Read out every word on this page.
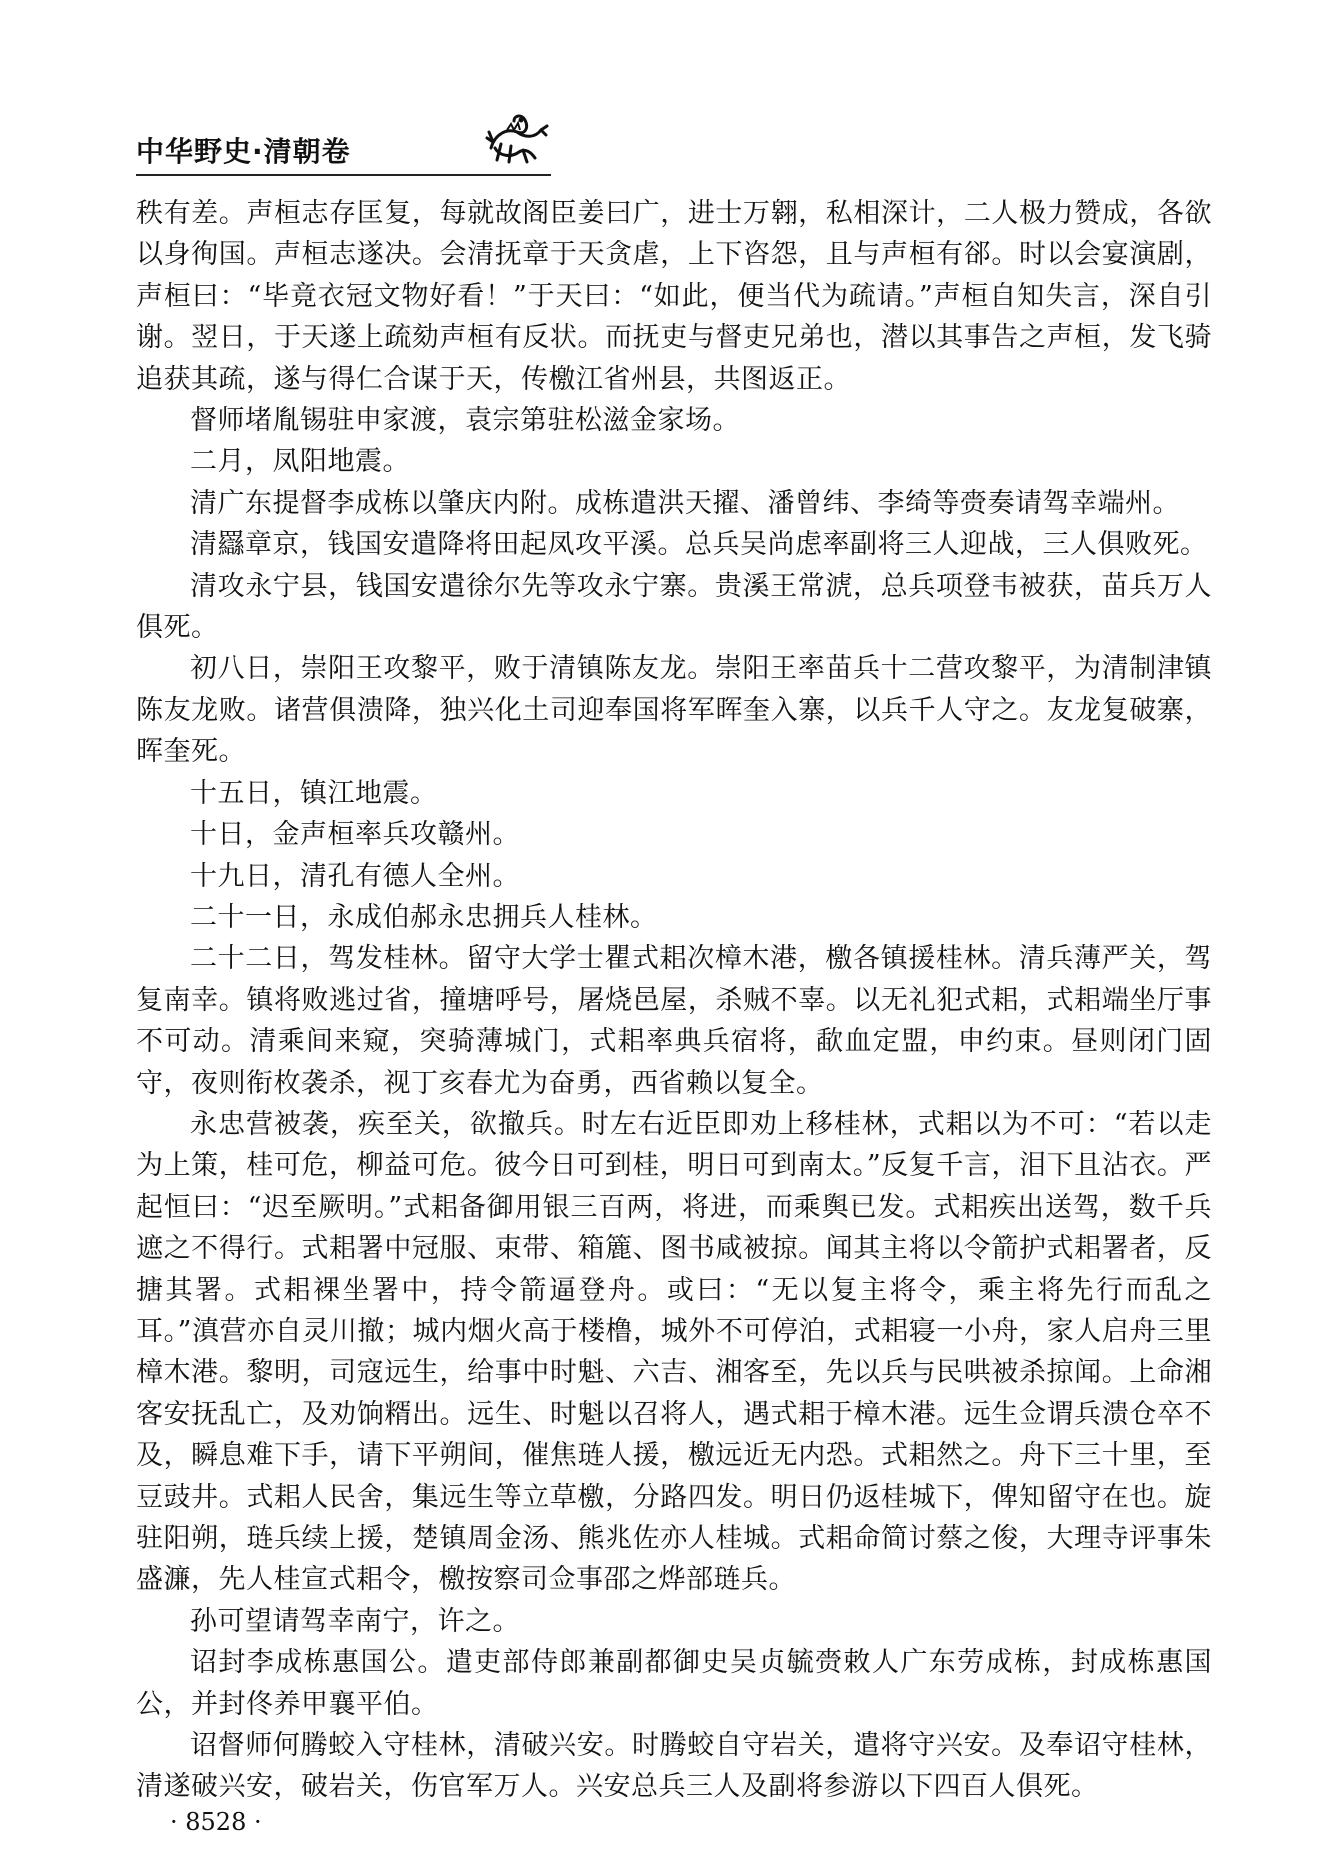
中华野史·清朝卷

秩有差。声桓志存匡复，每就故阁臣姜曰广，进士万翱，私相深计，二人极力赞成，各欲以身徇国。声桓志遂决。会清抚章于天贪虐，上下咨怨，且与声桓有郤。时以会宴演剧，声桓曰：“毕竟衣冠文物好看！”于天曰：“如此，便当代为疏请。”声桓自知失言，深自引谢。翌日，于天遂上疏劾声桓有反状。而抚吏与督吏兄弟也，潜以其事告之声桓，发飞骑追获其疏，遂与得仁合谋于天，传檄江省州县，共图返正。

督师堵胤锡驻申家渡，袁宗第驻松滋金家场。

二月，凤阳地震。

清广东提督李成栋以肇庆内附。成栋遣洪天擢、潘曾纬、李绮等赍奏请驾幸端州。

清羉章京，钱国安遣降将田起凤攻平溪。总兵吴尚虑率副将三人迎战，三人俱败死。

清攻永宁县，钱国安遣徐尔先等攻永宁寨。贵溪王常淲，总兵项登韦被获，苗兵万人俱死。

初八日，崇阳王攻黎平，败于清镇陈友龙。崇阳王率苗兵十二营攻黎平，为清制津镇陈友龙败。诸营俱溃降，独兴化土司迎奉国将军晖奎入寨，以兵千人守之。友龙复破寨，晖奎死。

十五日，镇江地震。

十日，金声桓率兵攻赣州。

十九日，清孔有德人全州。

二十一日，永成伯郝永忠拥兵人桂林。

二十二日，驾发桂林。留守大学士瞿式耜次樟木港，檄各镇援桂林。清兵薄严关，驾复南幸。镇将败逃过省，撞塘呼号，屠烧邑屋，杀贼不辜。以无礼犯式耜，式耜端坐厅事不可动。清乘间来窥，突骑薄城门，式耜率典兵宿将，歃血定盟，申约束。昼则闭门固守，夜则衔枚袭杀，视丁亥春尤为奋勇，西省赖以复全。

永忠营被袭，疾至关，欲撤兵。时左右近臣即劝上移桂林，式耜以为不可：“若以走为上策，桂可危，柳益可危。彼今日可到桂，明日可到南太。”反复千言，泪下且沾衣。严起恒曰：“迟至厥明。”式耜备御用银三百两，将进，而乘舆已发。式耜疾出送驾，数千兵遮之不得行。式耜署中冠服、束带、箱簏、图书咸被掠。闻其主将以令箭护式耜署者，反搪其署。式耜裸坐署中，持令箭逼登舟。或曰：“无以复主将令，乘主将先行而乱之耳。”滇营亦自灵川撤；城内烟火高于楼橹，城外不可停泊，式耜寝一小舟，家人启舟三里樟木港。黎明，司寇远生，给事中时魁、六吉、湘客至，先以兵与民哄被杀掠闻。上命湘客安抚乱亡，及劝饷糈出。远生、时魁以召将人，遇式耜于樟木港。远生佥谓兵溃仓卒不及，瞬息难下手，请下平朔间，催焦琏人援，檄远近无内恐。式耜然之。舟下三十里，至豆豉井。式耜人民舍，集远生等立草檄，分路四发。明日仍返桂城下，俾知留守在也。旋驻阳朔，琏兵续上援，楚镇周金汤、熊兆佐亦人桂城。式耜命简讨蔡之俊，大理寺评事朱盛濂，先人桂宣式耜令，檄按察司佥事邵之烨部琏兵。

孙可望请驾幸南宁，许之。

诏封李成栋惠国公。遣吏部侍郎兼副都御史吴贞毓赍敕人广东劳成栋，封成栋惠国公，并封佟养甲襄平伯。

诏督师何腾蛟入守桂林，清破兴安。时腾蛟自守岩关，遣将守兴安。及奉诏守桂林，清遂破兴安，破岩关，伤官军万人。兴安总兵三人及副将参游以下四百人俱死。

· 8528 ·
